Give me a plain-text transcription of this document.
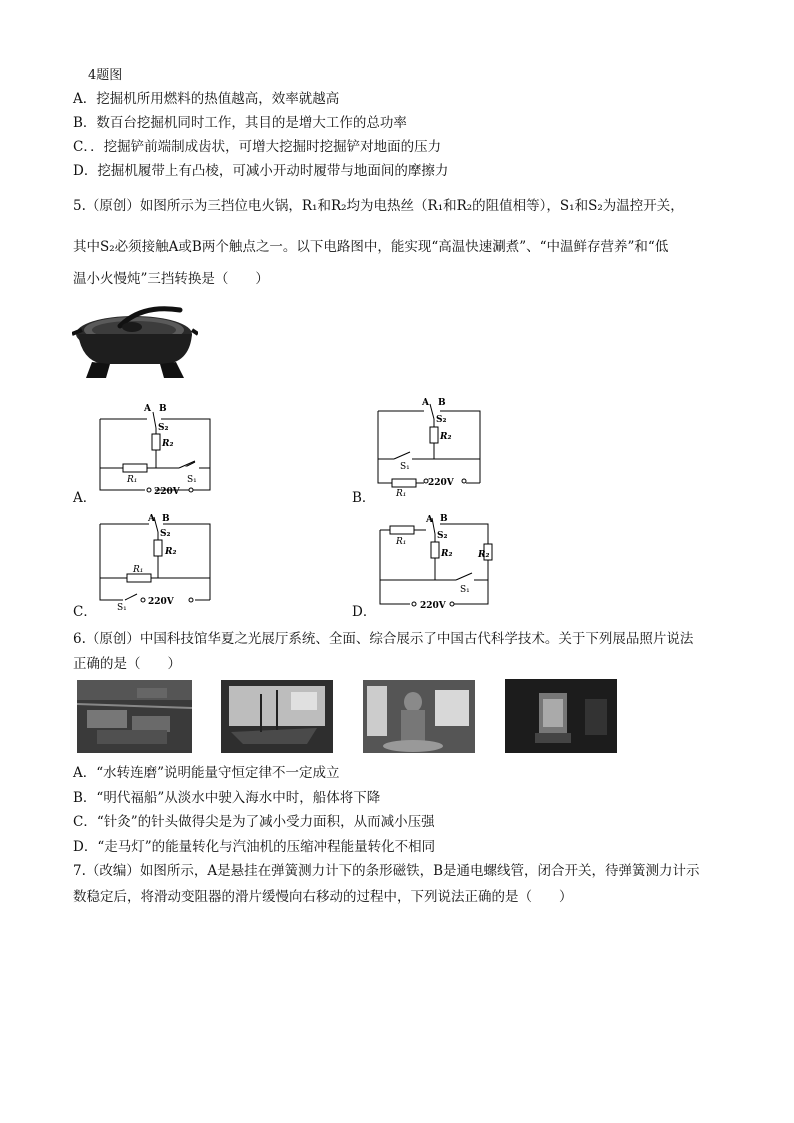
4题图
A．挖掘机所用燃料的热值越高，效率就越高
B．数百台挖掘机同时工作，其目的是增大工作的总功率
C．．挖掘铲前端制成齿状，可增大挖掘时挖掘铲对地面的压力
D．挖掘机履带上有凸棱，可减小开动时履带与地面间的摩擦力
5.（原创）如图所示为三挡位电火锅，R₁和R₂均为电热丝（R₁和R₂的阻值相等），S₁和S₂为温控开关，
其中S₂必须接触A或B两个触点之一。以下电路图中，能实现“高温快速涮煮”、“中温鲜存营养”和“低
温小火慢炖”三挡转换是（　　）
A．
A B
S₂
R₂
R₁	S₁
220V	B．
A B
S₂
R₂
S₁
R₁
220V
C．
A B
S₂
R₂
R₁
S₁
220V
D．
A B
S₂
R₂
R₁
R₂
S₁
220V
6.（原创）中国科技馆华夏之光展厅系统、全面、综合展示了中国古代科学技术。关于下列展品照片说法
正确的是（　　）
A．“水转连磨”说明能量守恒定律不一定成立
B．“明代福船”从淡水中驶入海水中时，船体将下降
C．“针灸”的针头做得尖是为了减小受力面积，从而减小压强
D．“走马灯”的能量转化与汽油机的压缩冲程能量转化不相同
7.（改编）如图所示，A是悬挂在弹簧测力计下的条形磁铁，B是通电螺线管，闭合开关，待弹簧测力计示
数稳定后，将滑动变阻器的滑片缓慢向右移动的过程中，下列说法正确的是（　　）
